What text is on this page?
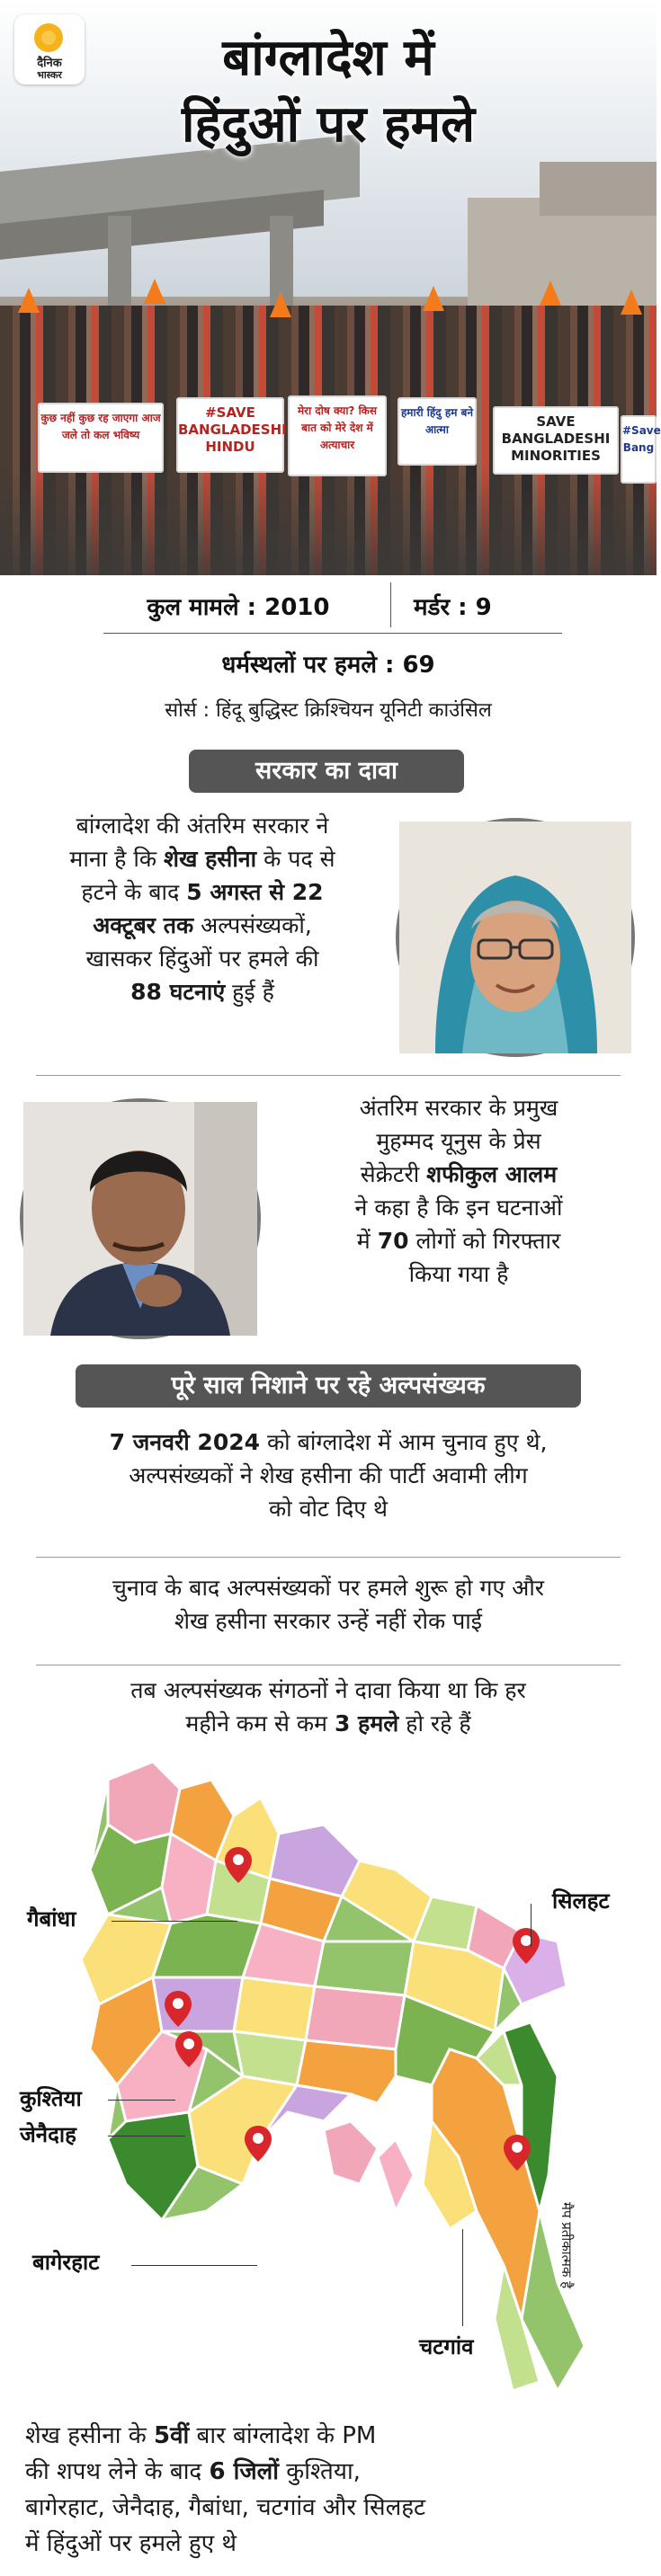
कुछ नहीं कुछ रह जाएगा आज जले तो कल भविष्य
#SAVE BANGLADESHI HINDU
मेरा दोष क्या? किस बात को मेरे देश में अत्याचार
हमारी हिंदु हम बने आत्मा	SAVE BANGLADESHI MINORITIES
#Save Bang
दैनिक
भास्कर	बांग्लादेश में
हिंदुओं पर हमले
कुल मामले : 2010	मर्डर : 9
धर्मस्थलों पर हमले : 69
सोर्स : हिंदू बुद्धिस्ट क्रिश्चियन यूनिटी काउंसिल
सरकार का दावा
बांग्लादेश की अंतरिम सरकार ने
माना है कि शेख हसीना के पद से
हटने के बाद 5 अगस्त से 22
अक्टूबर तक अल्पसंख्यकों,
खासकर हिंदुओं पर हमले की
88 घटनाएं हुई हैं
अंतरिम सरकार के प्रमुख
मुहम्मद यूनुस के प्रेस
सेक्रेटरी शफीकुल आलम
ने कहा है कि इन घटनाओं
में 70 लोगों को गिरफ्तार
किया गया है
पूरे साल निशाने पर रहे अल्पसंख्यक
7 जनवरी 2024 को बांग्लादेश में आम चुनाव हुए थे,
अल्पसंख्यकों ने शेख हसीना की पार्टी अवामी लीग
को वोट दिए थे
चुनाव के बाद अल्पसंख्यकों पर हमले शुरू हो गए और
शेख हसीना सरकार उन्हें नहीं रोक पाई
तब अल्पसंख्यक संगठनों ने दावा किया था कि हर
महीने कम से कम 3 हमले हो रहे हैं
गैबांधा
सिलहट
कुश्तिया
जेनैदाह
बागेरहाट
चटगांव
मैप प्रतीकात्मक है
शेख हसीना के 5वीं बार बांग्लादेश के PM
की शपथ लेने के बाद 6 जिलों कुश्तिया,
बागेरहाट, जेनैदाह, गैबांधा, चटगांव और सिलहट
में हिंदुओं पर हमले हुए थे
